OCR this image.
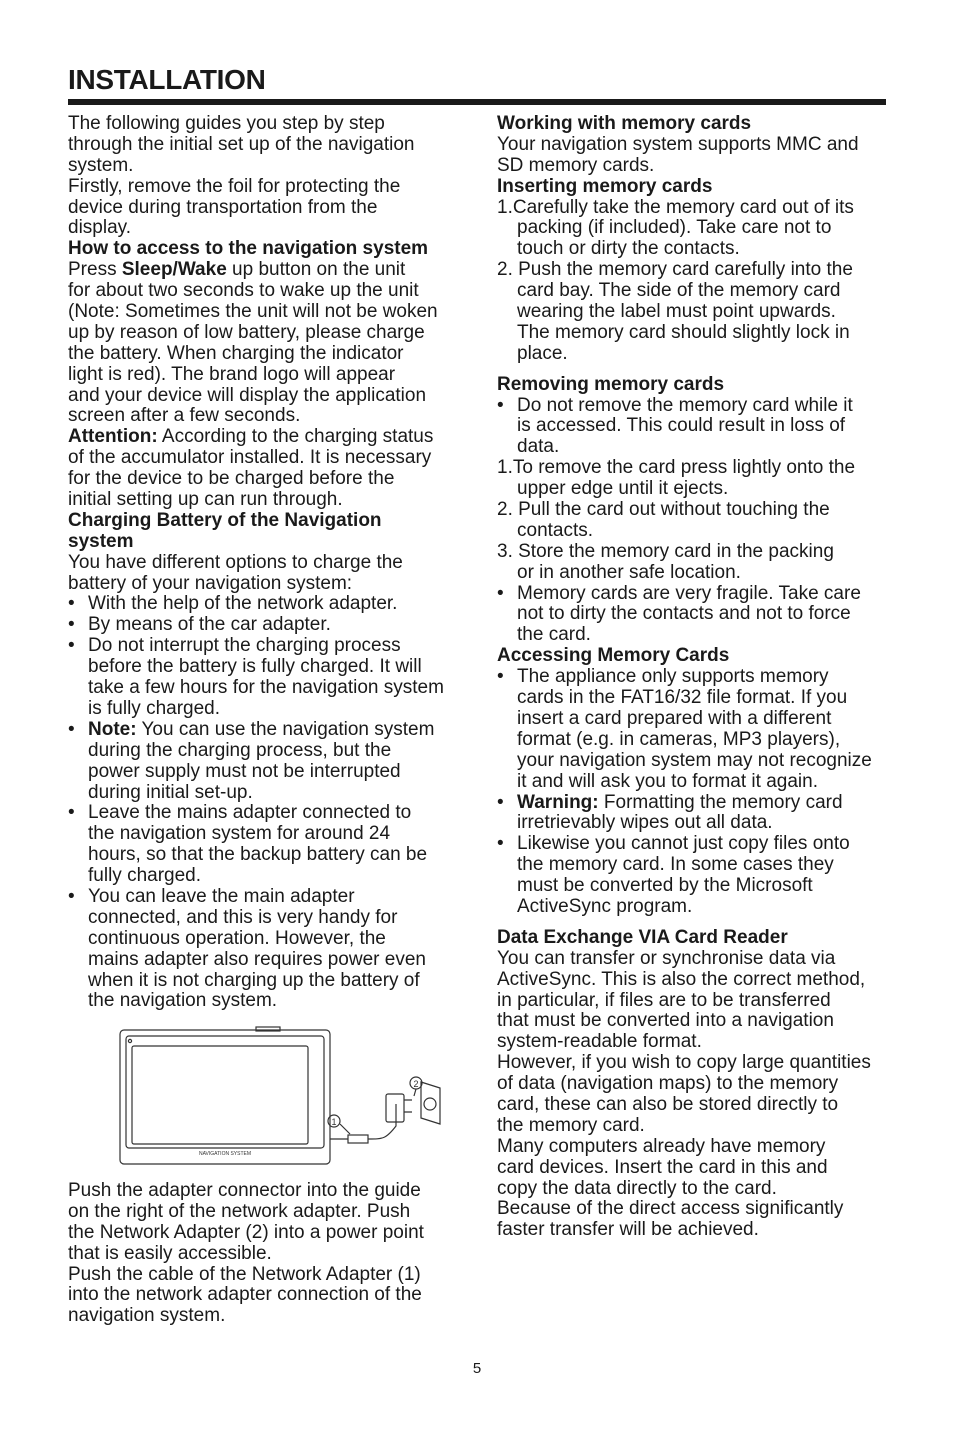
INSTALLATION
The following guides you step by step
through the initial set up of the navigation
system.
Firstly, remove the foil for protecting the
device during transportation from the
display.
How to access to the navigation system
Press Sleep/Wake up button on the unit
for about two seconds to wake up the unit
(Note: Sometimes the unit will not be woken
up by reason of low battery, please charge
the battery. When charging the indicator
light is red). The brand logo will appear
and your device will display the application
screen after a few seconds.
Attention: According to the charging status
of the accumulator installed. It is necessary
for the device to be charged before the
initial setting up can run through.
Charging Battery of the Navigation
system
You have different options to charge the
battery of your navigation system:
• With the help of the network adapter.
• By means of the car adapter.
• Do not interrupt the charging process
before the battery is fully charged. It will
take a few hours for the navigation system
is fully charged.
• Note: You can use the navigation system
during the charging process, but the
power supply must not be interrupted
during initial set-up.
• Leave the mains adapter connected to
the navigation system for around 24
hours, so that the backup battery can be
fully charged.
• You can leave the main adapter
connected, and this is very handy for
continuous operation. However, the
mains adapter also requires power even
when it is not charging up the battery of
the navigation system.
1
2
NAVIGATION SYSTEM
Push the adapter connector into the guide
on the right of the network adapter. Push
the Network Adapter (2) into a power point
that is easily accessible.
Push the cable of the Network Adapter (1)
into the network adapter connection of the
navigation system.
Working with memory cards
Your navigation system supports MMC and
SD memory cards.
Inserting memory cards
1.Carefully take the memory card out of its
packing (if included). Take care not to
touch or dirty the contacts.
2. Push the memory card carefully into the
card bay. The side of the memory card
wearing the label must point upwards.
The memory card should slightly lock in
place.
Removing memory cards
• Do not remove the memory card while it
is accessed. This could result in loss of
data.
1.To remove the card press lightly onto the
upper edge until it ejects.
2. Pull the card out without touching the
contacts.
3. Store the memory card in the packing
or in another safe location.
• Memory cards are very fragile. Take care
not to dirty the contacts and not to force
the card.
Accessing Memory Cards
• The appliance only supports memory
cards in the FAT16/32 file format. If you
insert a card prepared with a different
format (e.g. in cameras, MP3 players),
your navigation system may not recognize
it and will ask you to format it again.
• Warning: Formatting the memory card
irretrievably wipes out all data.
• Likewise you cannot just copy files onto
the memory card. In some cases they
must be converted by the Microsoft
ActiveSync program.
Data Exchange VIA Card Reader
You can transfer or synchronise data via
ActiveSync. This is also the correct method,
in particular, if files are to be transferred
that must be converted into a navigation
system-readable format.
However, if you wish to copy large quantities
of data (navigation maps) to the memory
card, these can also be stored directly to
the memory card.
Many computers already have memory
card devices. Insert the card in this and
copy the data directly to the card.
Because of the direct access significantly
faster transfer will be achieved.
5
